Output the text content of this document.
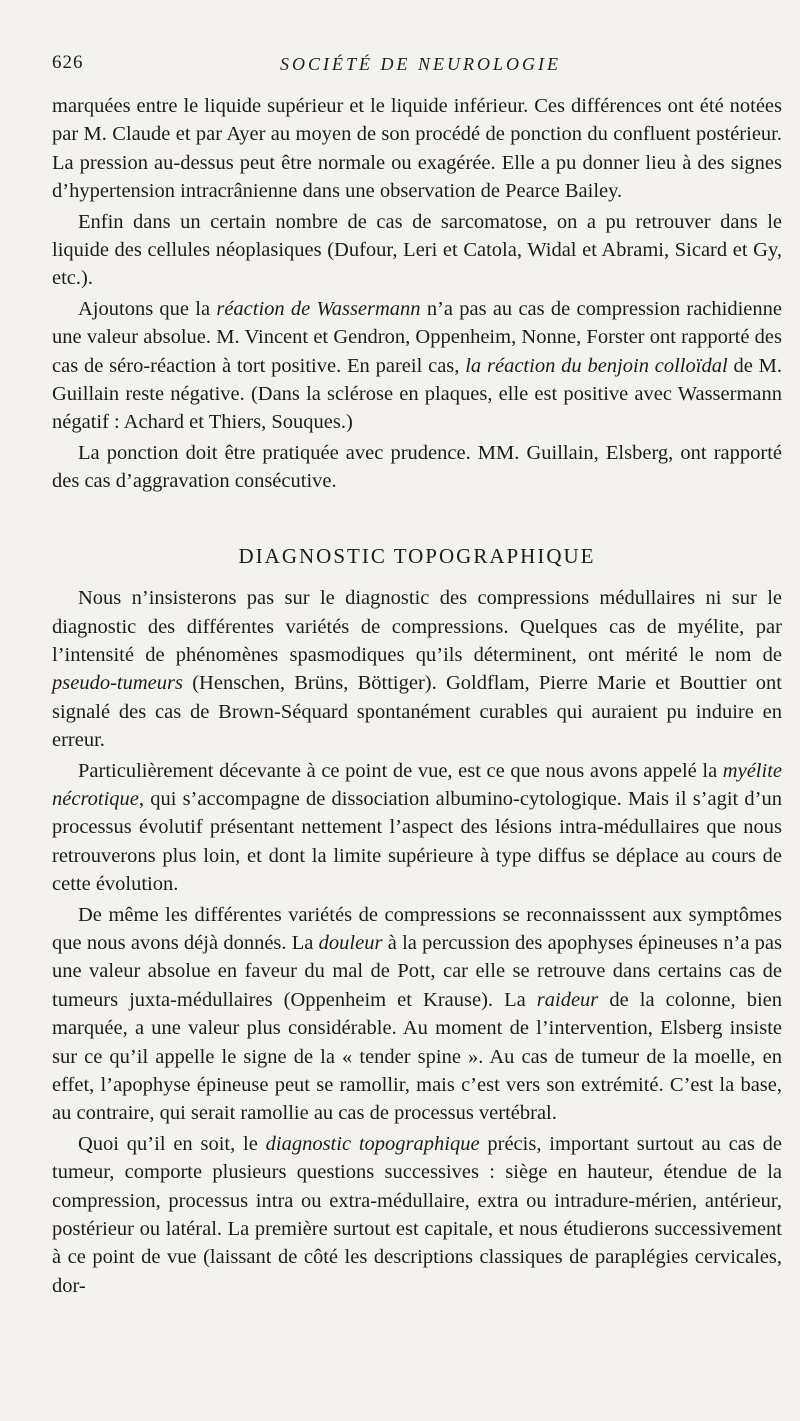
626	SOCIÉTÉ DE NEUROLOGIE

marquées entre le liquide supérieur et le liquide inférieur. Ces différences ont été notées par M. Claude et par Ayer au moyen de son procédé de ponction du confluent postérieur. La pression au-dessus peut être normale ou exagérée. Elle a pu donner lieu à des signes d’hypertension intracrânienne dans une observation de Pearce Bailey.

Enfin dans un certain nombre de cas de sarcomatose, on a pu retrouver dans le liquide des cellules néoplasiques (Dufour, Leri et Catola, Widal et Abrami, Sicard et Gy, etc.).

Ajoutons que la réaction de Wassermann n’a pas au cas de compression rachidienne une valeur absolue. M. Vincent et Gendron, Oppenheim, Nonne, Forster ont rapporté des cas de séro-réaction à tort positive. En pareil cas, la réaction du benjoin colloïdal de M. Guillain reste négative. (Dans la sclérose en plaques, elle est positive avec Wassermann négatif : Achard et Thiers, Souques.)

La ponction doit être pratiquée avec prudence. MM. Guillain, Elsberg, ont rapporté des cas d’aggravation consécutive.

DIAGNOSTIC TOPOGRAPHIQUE

Nous n’insisterons pas sur le diagnostic des compressions médullaires ni sur le diagnostic des différentes variétés de compressions. Quelques cas de myélite, par l’intensité de phénomènes spasmodiques qu’ils déterminent, ont mérité le nom de pseudo-tumeurs (Henschen, Brüns, Böttiger). Goldflam, Pierre Marie et Bouttier ont signalé des cas de Brown-Séquard spontanément curables qui auraient pu induire en erreur.

Particulièrement décevante à ce point de vue, est ce que nous avons appelé la myélite nécrotique, qui s’accompagne de dissociation albumino-cytologique. Mais il s’agit d’un processus évolutif présentant nettement l’aspect des lésions intra-médullaires que nous retrouverons plus loin, et dont la limite supérieure à type diffus se déplace au cours de cette évolution.

De même les différentes variétés de compressions se reconnaisssent aux symptômes que nous avons déjà donnés. La douleur à la percussion des apophyses épineuses n’a pas une valeur absolue en faveur du mal de Pott, car elle se retrouve dans certains cas de tumeurs juxta-médullaires (Oppenheim et Krause). La raideur de la colonne, bien marquée, a une valeur plus considérable. Au moment de l’intervention, Elsberg insiste sur ce qu’il appelle le signe de la « tender spine ». Au cas de tumeur de la moelle, en effet, l’apophyse épineuse peut se ramollir, mais c’est vers son extrémité. C’est la base, au contraire, qui serait ramollie au cas de processus vertébral.

Quoi qu’il en soit, le diagnostic topographique précis, important surtout au cas de tumeur, comporte plusieurs questions successives : siège en hauteur, étendue de la compression, processus intra ou extra-médullaire, extra ou intradure-mérien, antérieur, postérieur ou latéral. La première surtout est capitale, et nous étudierons successivement à ce point de vue (laissant de côté les descriptions classiques de paraplégies cervicales, dor-
